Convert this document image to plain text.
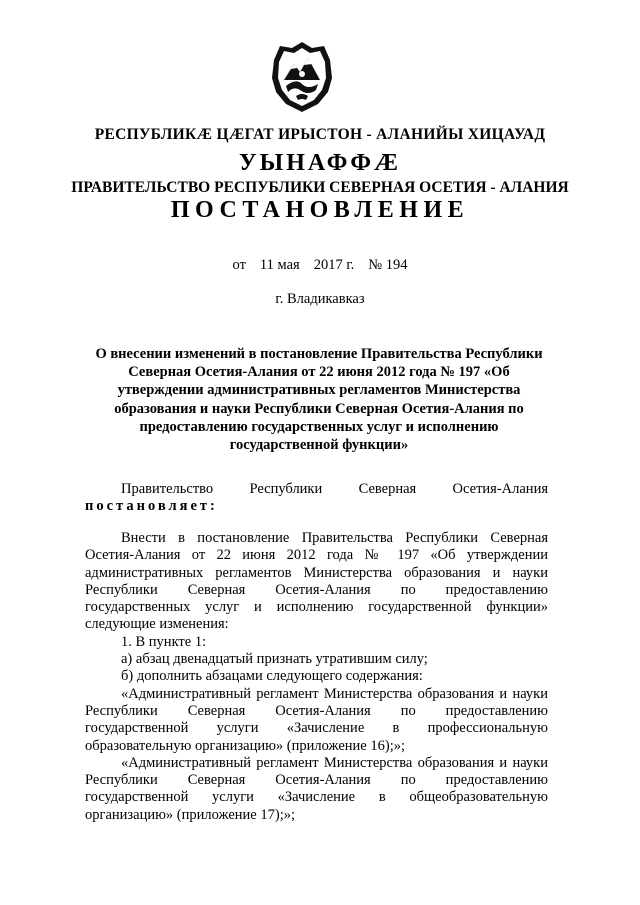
РЕСПУБЛИКӔ ЦӔГАТ ИРЫСТОН - АЛАНИЙЫ ХИЦАУАД
УЫНАФФӔ
ПРАВИТЕЛЬСТВО РЕСПУБЛИКИ СЕВЕРНАЯ ОСЕТИЯ - АЛАНИЯ
ПОСТАНОВЛЕНИЕ
от 11 мая 2017 г. № 194
г. Владикавказ
О внесении изменений в постановление Правительства Республики Северная Осетия-Алания от 22 июня 2012 года № 197 «Об утверждении административных регламентов Министерства образования и науки Республики Северная Осетия-Алания по предоставлению государственных услуг и исполнению государственной функции»
Правительство	Республики	Северная	Осетия-Алания
постановляет:

Внести в постановление Правительства Республики Северная Осетия-Алания от 22 июня 2012 года № 197 «Об утверждении административных регламентов Министерства образования и науки Республики Северная Осетия-Алания по предоставлению государственных услуг и исполнению государственной функции» следующие изменения:

1. В пункте 1:

а) абзац двенадцатый признать утратившим силу;

б) дополнить абзацами следующего содержания:

«Административный регламент Министерства образования и науки Республики Северная Осетия-Алания по предоставлению государственной услуги «Зачисление в профессиональную образовательную организацию» (приложение 16);»;

«Административный регламент Министерства образования и науки Республики Северная Осетия-Алания по предоставлению государственной услуги «Зачисление в общеобразовательную организацию» (приложение 17);»;
